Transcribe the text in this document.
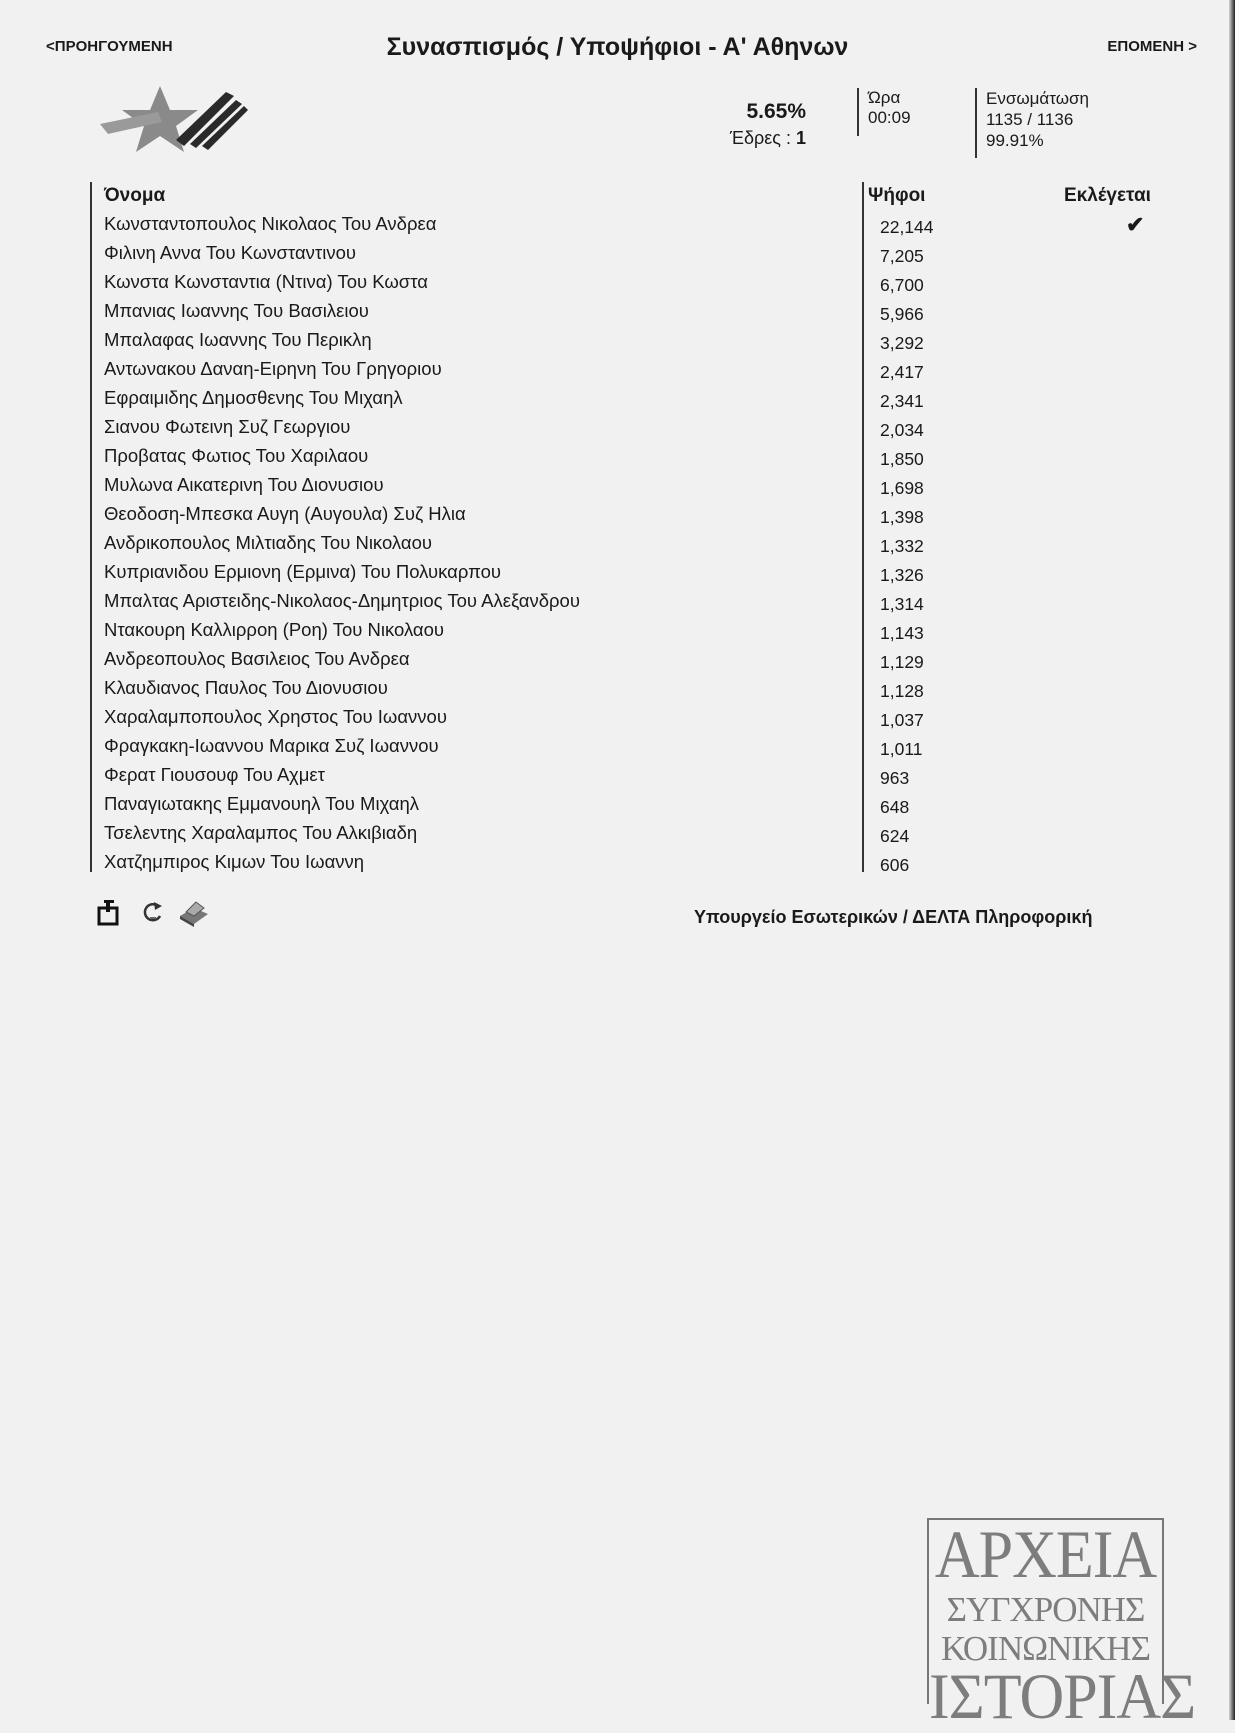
<ΠΡΟΗΓΟΥΜΕΝΗ	Συνασπισμός / Υποψήφιοι - Α' Αθηνων	ΕΠΟΜΕΝΗ >
5.65%
Έδρες : 1
Ώρα
00:09
Ενσωμάτωση
1135 / 1136
99.91%
Όνομα	Ψήφοι	Εκλέγεται
Κωνσταντοπουλος Νικολαος Του Ανδρεα	22,144	✔
Φιλινη Αννα Του Κωνσταντινου	7,205
Κωνστα Κωνσταντια (Ντινα) Του Κωστα	6,700
Μπανιας Ιωαννης Του Βασιλειου	5,966
Μπαλαφας Ιωαννης Του Περικλη	3,292
Αντωνακου Δαναη-Ειρηνη Του Γρηγοριου	2,417
Εφραιμιδης Δημοσθενης Του Μιχαηλ	2,341
Σιανου Φωτεινη Συζ Γεωργιου	2,034
Προβατας Φωτιος Του Χαριλαου	1,850
Μυλωνα Αικατερινη Του Διονυσιου	1,698
Θεοδοση-Μπεσκα Αυγη (Αυγουλα) Συζ Ηλια	1,398
Ανδρικοπουλος Μιλτιαδης Του Νικολαου	1,332
Κυπριανιδου Ερμιονη (Ερμινα) Του Πολυκαρπου	1,326
Μπαλτας Αριστειδης-Νικολαος-Δημητριος Του Αλεξανδρου	1,314
Ντακουρη Καλλιρροη (Ροη) Του Νικολαου	1,143
Ανδρεοπουλος Βασιλειος Του Ανδρεα	1,129
Κλαυδιανος Παυλος Του Διονυσιου	1,128
Χαραλαμποπουλος Χρηστος Του Ιωαννου	1,037
Φραγκακη-Ιωαννου Μαρικα Συζ Ιωαννου	1,011
Φερατ Γιουσουφ Του Αχμετ	963
Παναγιωτακης Εμμανουηλ Του Μιχαηλ	648
Τσελεντης Χαραλαμπος Του Αλκιβιαδη	624
Χατζημπιρος Κιμων Του Ιωαννη	606
Υπουργείο Εσωτερικών / ΔΕΛΤΑ Πληροφορική
ΑΡΧΕΙΑ
ΣΥΓΧΡΟΝΗΣ
ΚΟΙΝΩΝΙΚΗΣ
ΙΣΤΟΡΙΑΣ
